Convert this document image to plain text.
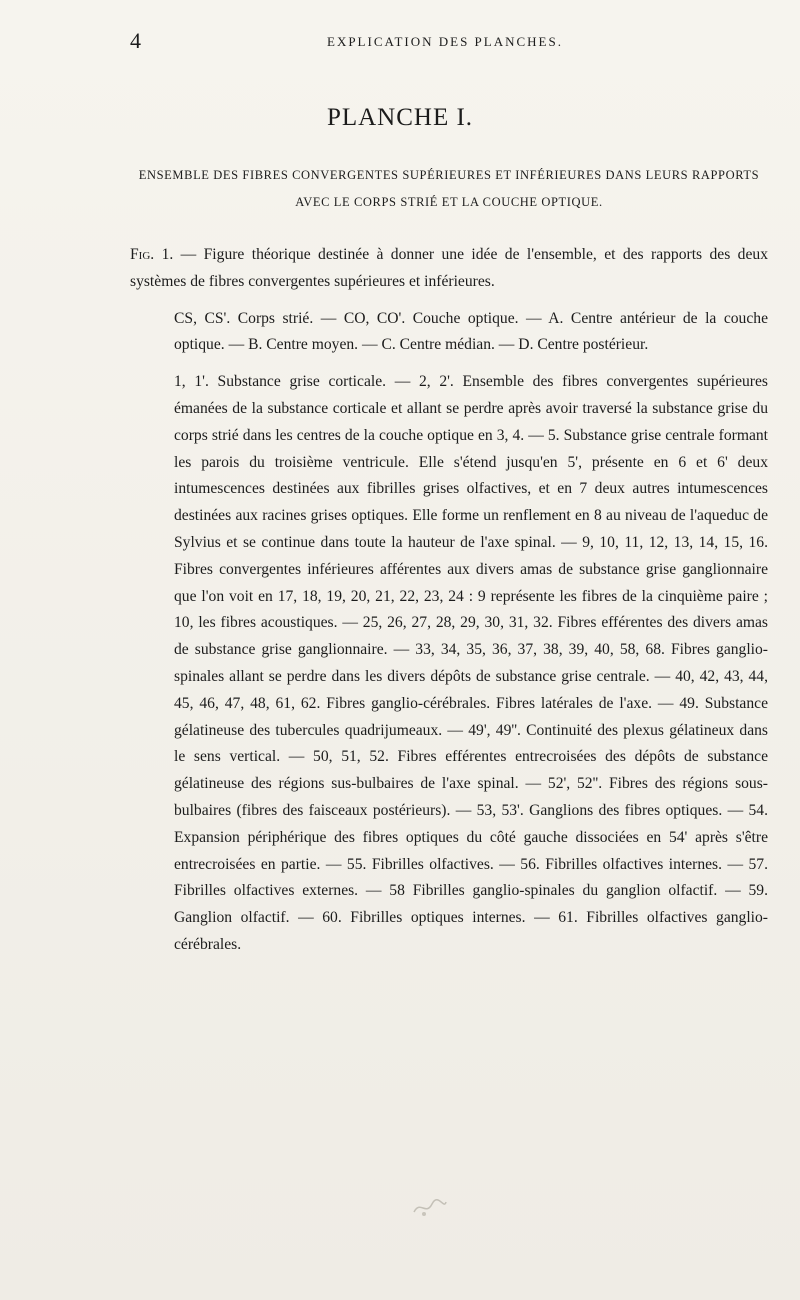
4	EXPLICATION DES PLANCHES.
PLANCHE I.
ENSEMBLE DES FIBRES CONVERGENTES SUPÉRIEURES ET INFÉRIEURES DANS LEURS RAPPORTS AVEC LE CORPS STRIÉ ET LA COUCHE OPTIQUE.

Fig. 1. — Figure théorique destinée à donner une idée de l'ensemble, et des rapports des deux systèmes de fibres convergentes supérieures et inférieures.

CS, CS'. Corps strié. — CO, CO'. Couche optique. — A. Centre antérieur de la couche optique. — B. Centre moyen. — C. Centre médian. — D. Centre postérieur.

1, 1'. Substance grise corticale. — 2, 2'. Ensemble des fibres convergentes supérieures émanées de la substance corticale et allant se perdre après avoir traversé la substance grise du corps strié dans les centres de la couche optique en 3, 4. — 5. Substance grise centrale formant les parois du troisième ventricule. Elle s'étend jusqu'en 5', présente en 6 et 6' deux intumescences destinées aux fibrilles grises olfactives, et en 7 deux autres intumescences destinées aux racines grises optiques. Elle forme un renflement en 8 au niveau de l'aqueduc de Sylvius et se continue dans toute la hauteur de l'axe spinal. — 9, 10, 11, 12, 13, 14, 15, 16. Fibres convergentes inférieures afférentes aux divers amas de substance grise ganglionnaire que l'on voit en 17, 18, 19, 20, 21, 22, 23, 24 : 9 représente les fibres de la cinquième paire ; 10, les fibres acoustiques. — 25, 26, 27, 28, 29, 30, 31, 32. Fibres efférentes des divers amas de substance grise ganglionnaire. — 33, 34, 35, 36, 37, 38, 39, 40, 58, 68. Fibres ganglio-spinales allant se perdre dans les divers dépôts de substance grise centrale. — 40, 42, 43, 44, 45, 46, 47, 48, 61, 62. Fibres ganglio-cérébrales. Fibres latérales de l'axe. — 49. Substance gélatineuse des tubercules quadrijumeaux. — 49', 49''. Continuité des plexus gélatineux dans le sens vertical. — 50, 51, 52. Fibres efférentes entrecroisées des dépôts de substance gélatineuse des régions sus-bulbaires de l'axe spinal. — 52', 52''. Fibres des régions sous-bulbaires (fibres des faisceaux postérieurs). — 53, 53'. Ganglions des fibres optiques. — 54. Expansion périphérique des fibres optiques du côté gauche dissociées en 54' après s'être entrecroisées en partie. — 55. Fibrilles olfactives. — 56. Fibrilles olfactives internes. — 57. Fibrilles olfactives externes. — 58 Fibrilles ganglio-spinales du ganglion olfactif. — 59. Ganglion olfactif. — 60. Fibrilles optiques internes. — 61. Fibrilles olfactives ganglio-cérébrales.
